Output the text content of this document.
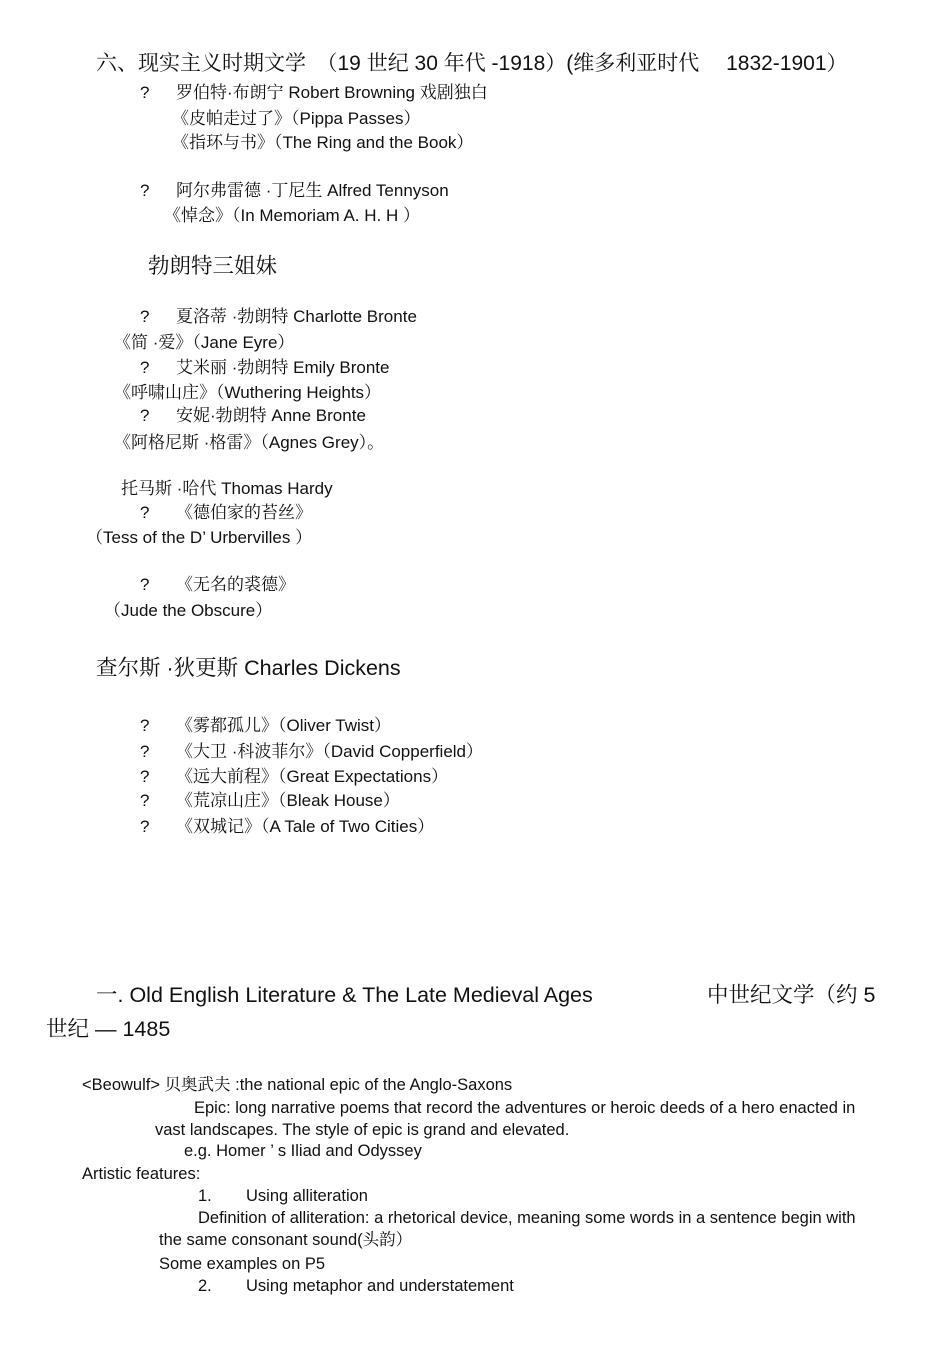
六、现实主义时期文学　（19 世纪 30 年代 -1918）(维多利亚时代　 1832-1901）
? 罗伯特·布朗宁 Robert Browning 戏剧独白
《皮帕走过了》（Pippa Passes）
《指环与书》（The Ring and the Book）
? 阿尔弗雷德 ·丁尼生 Alfred Tennyson
《悼念》（In Memoriam A. H. H ）
勃朗特三姐妹
? 夏洛蒂 ·勃朗特 Charlotte Bronte
《简 ·爱》（Jane Eyre）
? 艾米丽 ·勃朗特 Emily Bronte
《呼啸山庄》（Wuthering Heights）
? 安妮·勃朗特 Anne Bronte
《阿格尼斯 ·格雷》（Agnes Grey）。
托马斯 ·哈代 Thomas Hardy
? 《德伯家的苔丝》
（Tess of the D’ Urbervilles ）
? 《无名的裘德》
（Jude the Obscure）
查尔斯 ·狄更斯 Charles Dickens
? 《雾都孤儿》（Oliver Twist）
? 《大卫 ·科波菲尔》（David Copperfield）
? 《远大前程》（Great Expectations）
? 《荒凉山庄》（Bleak House）
? 《双城记》（A Tale of Two Cities）
一. Old English Literature & The Late Medieval Ages	中世纪文学（约 5
世纪 — 1485
<Beowulf> 贝奥武夫 :the national epic of the Anglo-Saxons
Epic: long narrative poems that record the adventures or heroic deeds of a hero enacted in
vast landscapes. The style of epic is grand and elevated.
e.g. Homer ’ s Iliad and Odyssey
Artistic features:
1. Using alliteration
Definition of alliteration: a rhetorical device, meaning some words in a sentence begin with
the same consonant sound(头韵）
Some examples on P5
2. Using metaphor and understatement
